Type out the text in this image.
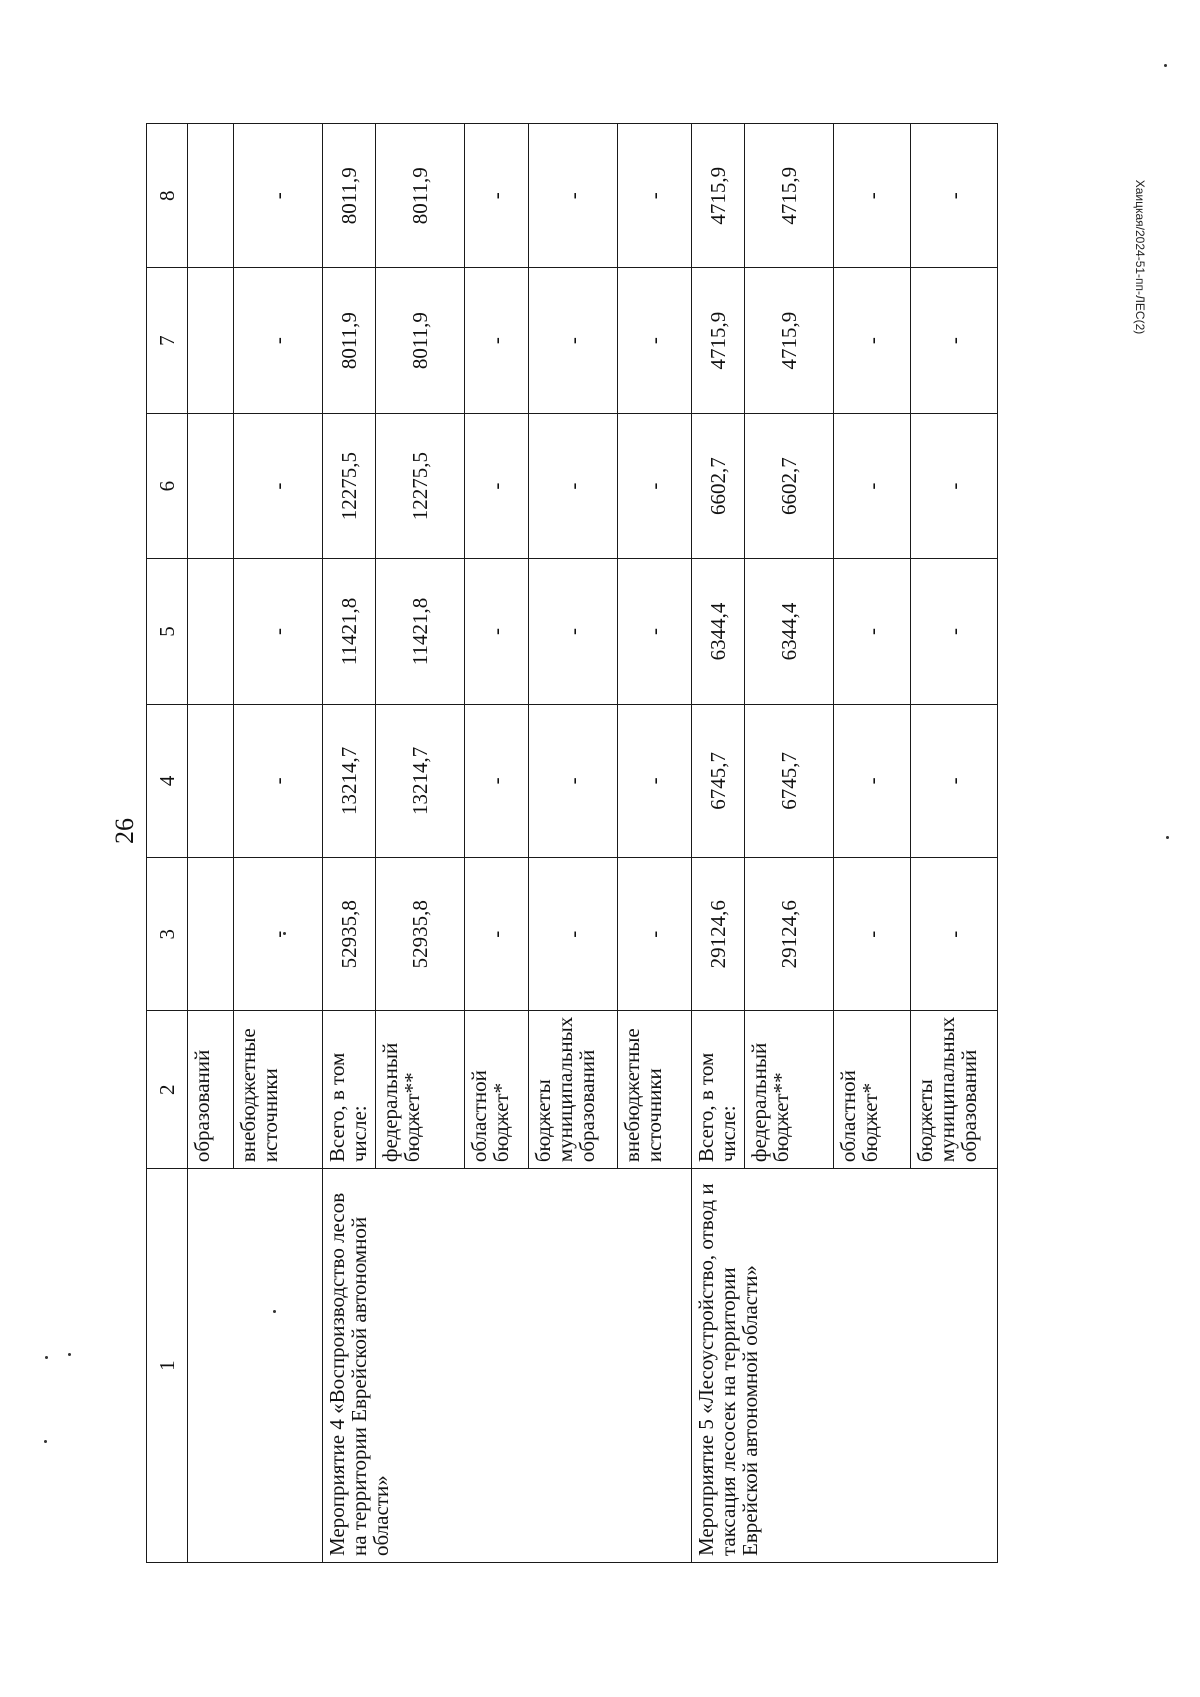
26
Хаицкая/2024-51-пп-ЛЕС(2)
1	2	3	4	5	6	7	8
	образований						
	внебюджетные источники	-	-	-	-	-	-
Мероприятие 4 «Воспроизводство лесов на территории Еврейской автономной области»	Всего, в том числе:	52935,8	13214,7	11421,8	12275,5	8011,9	8011,9
	федеральный бюджет**	52935,8	13214,7	11421,8	12275,5	8011,9	8011,9
	областной бюджет*	-	-	-	-	-	-
	бюджеты муниципальных образований	-	-	-	-	-	-
	внебюджетные источники	-	-	-	-	-	-
Мероприятие 5 «Лесоустройство, отвод и таксация лесосек на территории Еврейской автономной области»	Всего, в том числе:	29124,6	6745,7	6344,4	6602,7	4715,9	4715,9
	федеральный бюджет**	29124,6	6745,7	6344,4	6602,7	4715,9	4715,9
	областной бюджет*	-	-	-	-	-	-
	бюджеты муниципальных образований	-	-	-	-	-	-
